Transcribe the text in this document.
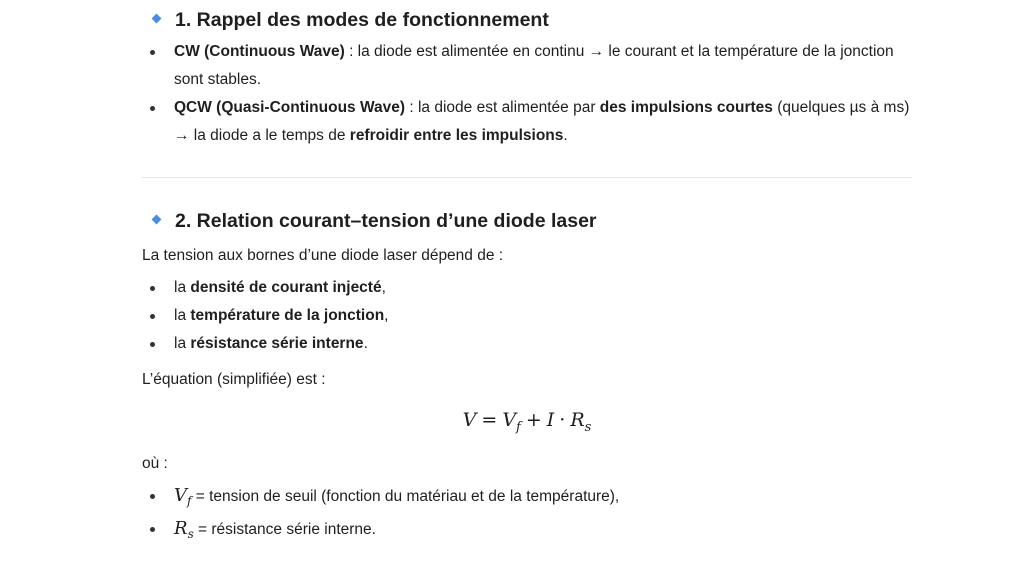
1. Rappel des modes de fonctionnement
CW (Continuous Wave) : la diode est alimentée en continu → le courant et la température de la jonction sont stables.
QCW (Quasi-Continuous Wave) : la diode est alimentée par des impulsions courtes (quelques µs à ms) → la diode a le temps de refroidir entre les impulsions.
2. Relation courant–tension d’une diode laser

La tension aux bornes d’une diode laser dépend de :

la densité de courant injecté,
la température de la jonction,
la résistance série interne.

L’équation (simplifiée) est :

$V = V_f + I \cdot R_s$

où :

$V_f$ = tension de seuil (fonction du matériau et de la température),
$R_s$ = résistance série interne.
